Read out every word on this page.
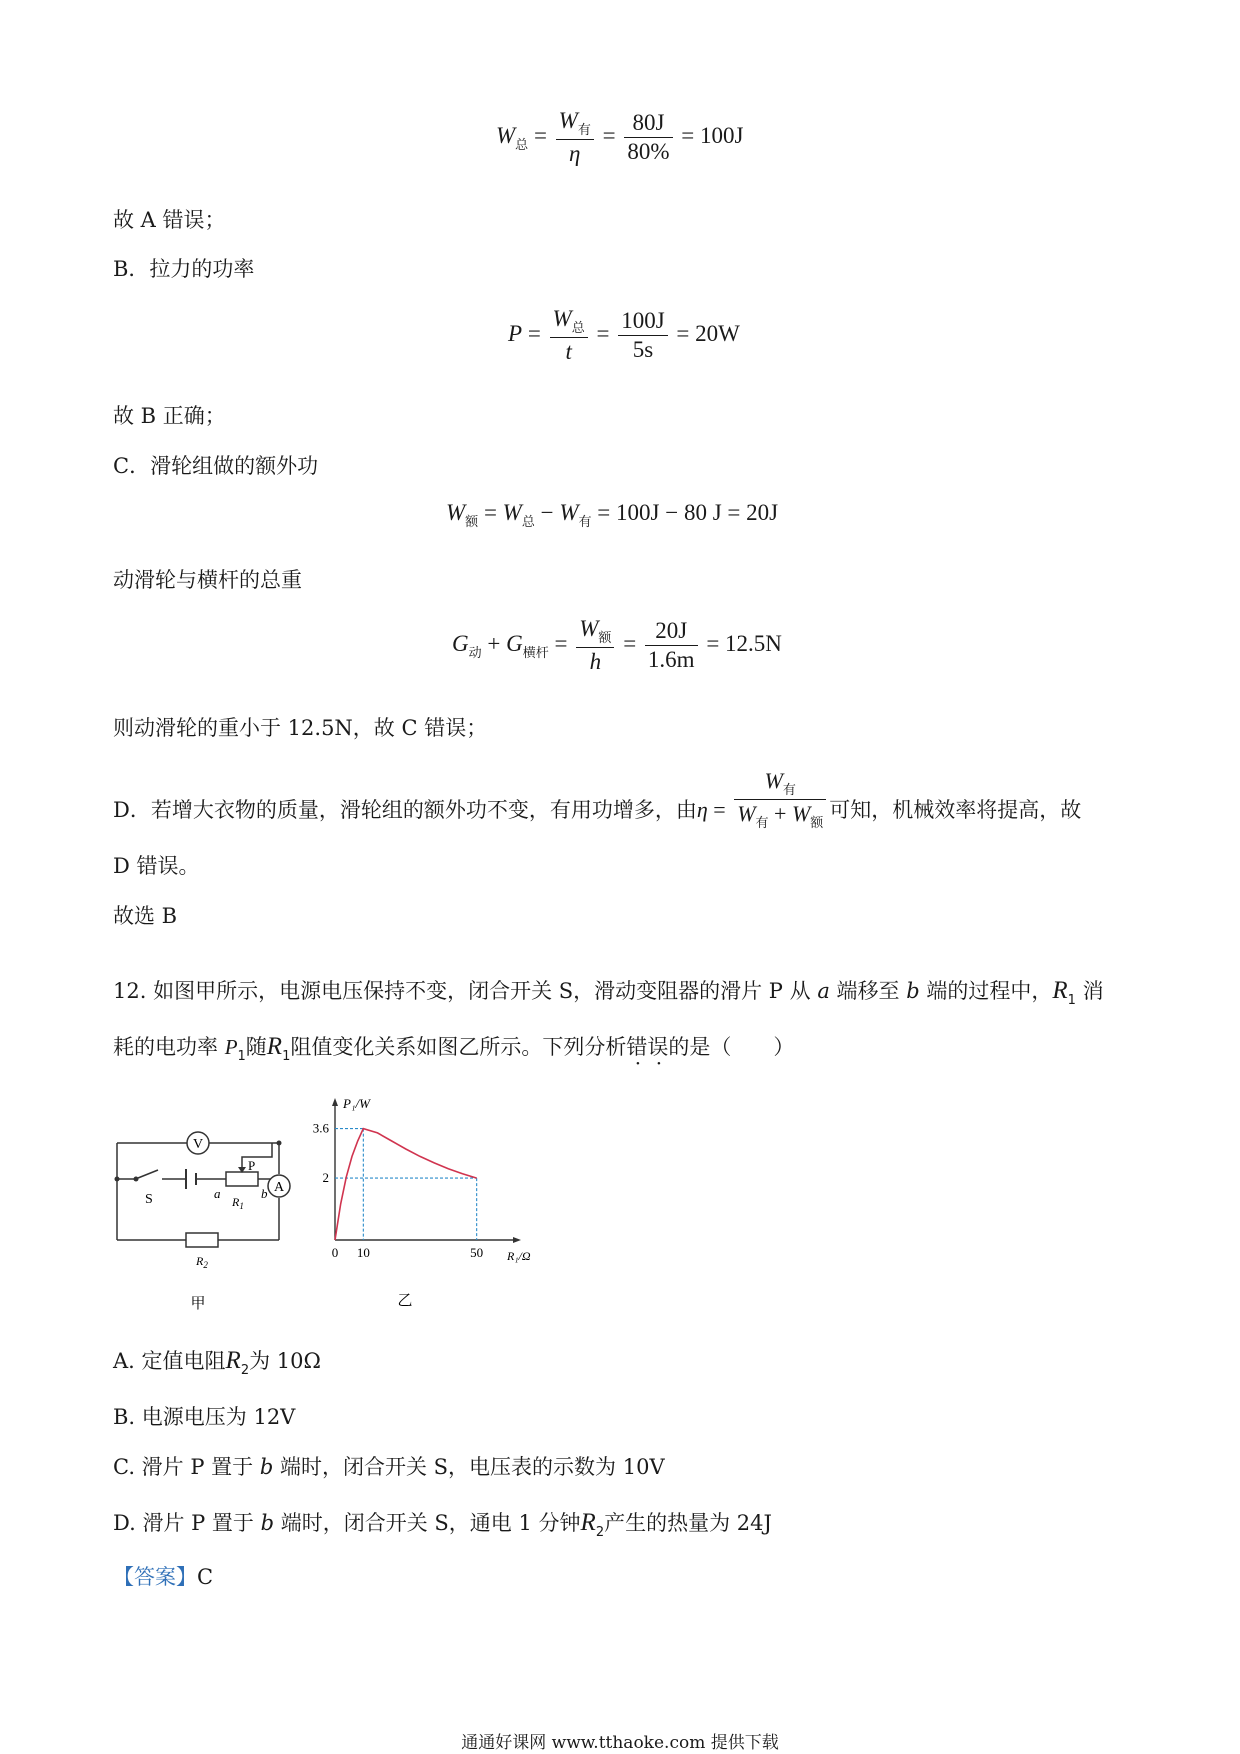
$W_总 = \frac{W_有}{\eta} = \frac{80J}{80\%} = 100J$
故 A 错误；
B．拉力的功率
$P = \frac{W_总}{t} = \frac{100J}{5s} = 20W$
故 B 正确；
C．滑轮组做的额外功
$W_额 = W_总 - W_有 = 100J - 80$ J = 20J
动滑轮与横杆的总重
$G_动 + G_{横杆} = \frac{W_额}{h} = \frac{20J}{1.6m} = 12.5N$
则动滑轮的重小于 12.5N，故 C 错误；
D．若增大衣物的质量，滑轮组的额外功不变，有用功增多，由$\eta = \frac{W_有}{W_有 + W_额}$ 可知，机械效率将提高，故
D 错误。
故选 B
12. 如图甲所示，电源电压保持不变，闭合开关 S，滑动变阻器的滑片 P 从 a 端移至 b 端的过程中，$R_1$ 消
耗的电功率 $P_1$随$R_1$阻值变化关系如图乙所示。下列分析错误的是（　　）
V
A
S
P
a	b
$R_1$
$R_2$
甲
0 10	50
3.6
2
P₁/W
R₁/Ω
乙
A. 定值电阻$R_2$为 10Ω
B. 电源电压为 12V
C. 滑片 P 置于 b 端时，闭合开关 S，电压表的示数为 10V
D. 滑片 P 置于 b 端时，闭合开关 S，通电 1 分钟$R_2$产生的热量为 24J
【答案】C
通通好课网 www.tthaoke.com 提供下载
